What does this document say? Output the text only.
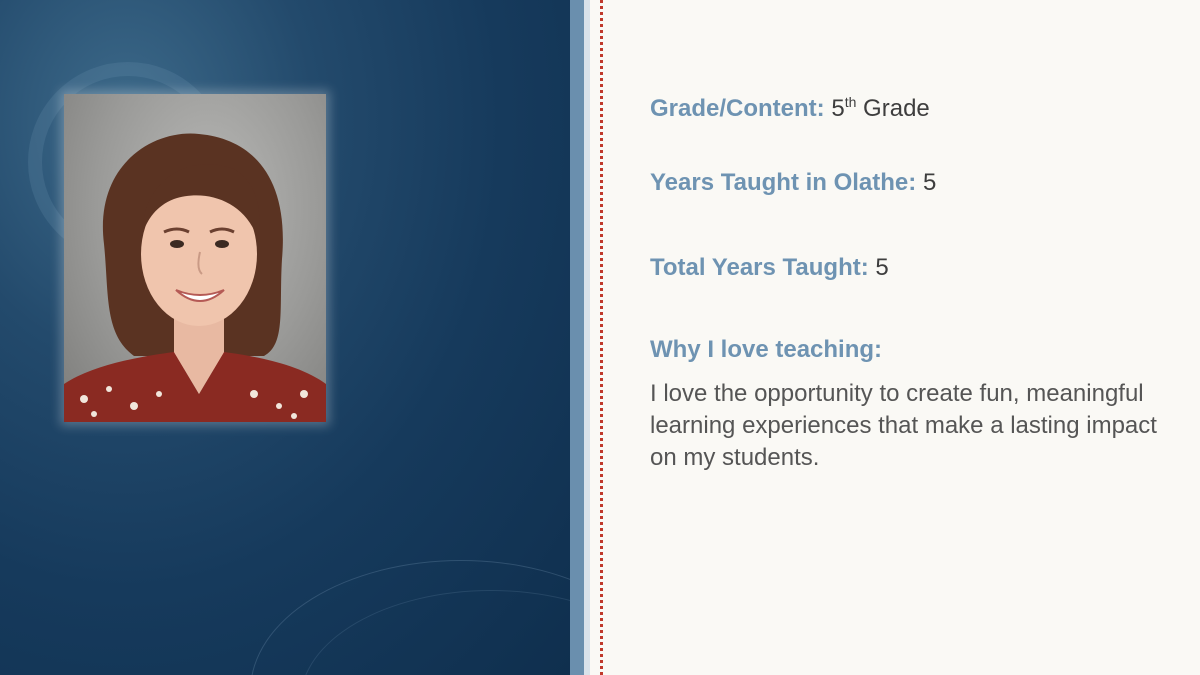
Grade/Content: 5th Grade
Years Taught in Olathe: 5
Total Years Taught: 5
Why I love teaching:
I love the opportunity to create fun, meaningful learning experiences that make a lasting impact on my students.
